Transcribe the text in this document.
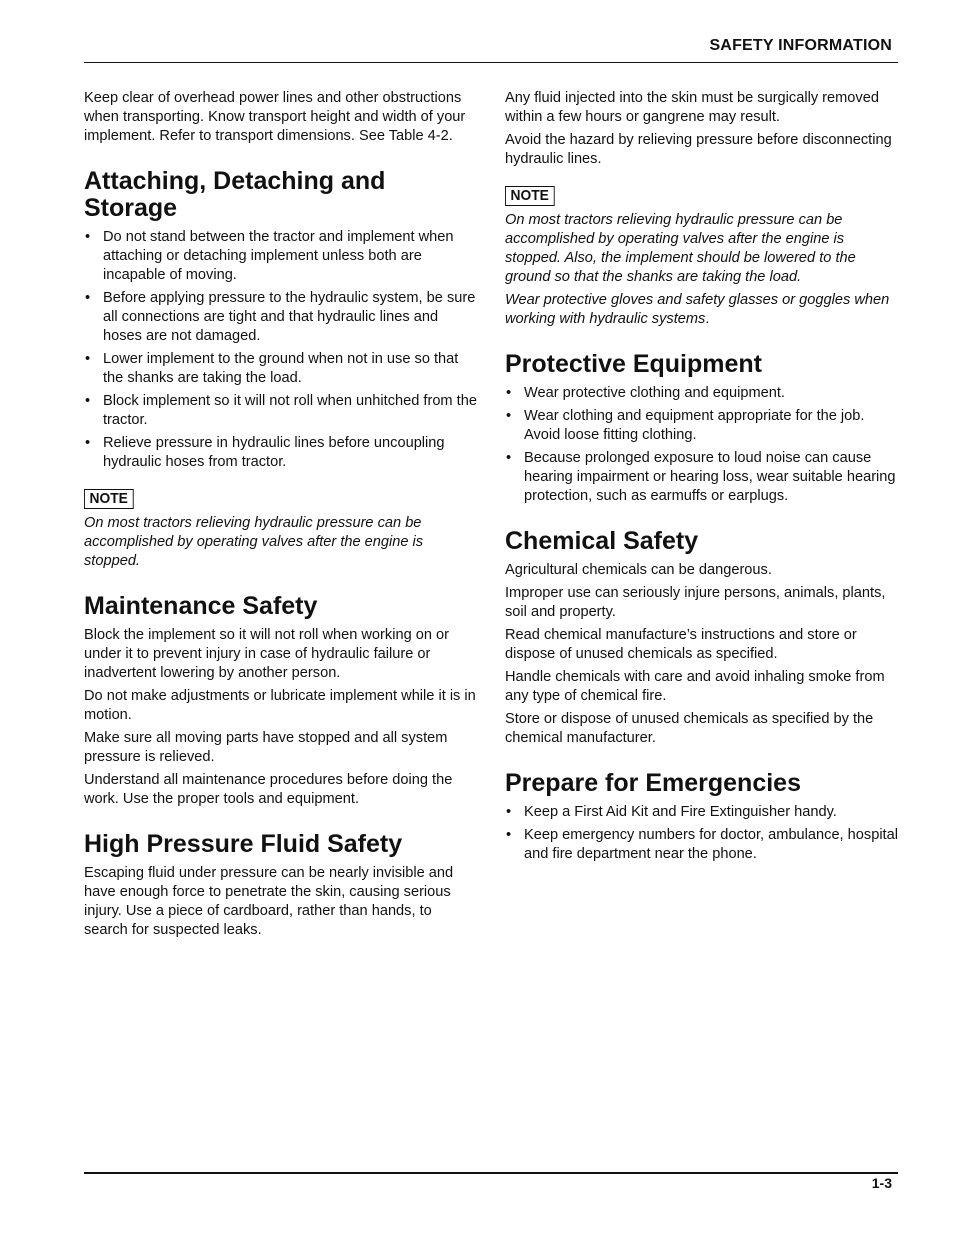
SAFETY INFORMATION

Keep clear of overhead power lines and other obstructions when transporting. Know transport height and width of your implement. Refer to transport dimensions. See Table 4-2.

Attaching, Detaching and Storage
• Do not stand between the tractor and implement when attaching or detaching implement unless both are incapable of moving.
• Before applying pressure to the hydraulic system, be sure all connections are tight and that hydraulic lines and hoses are not damaged.
• Lower implement to the ground when not in use so that the shanks are taking the load.
• Block implement so it will not roll when unhitched from the tractor.
• Relieve pressure in hydraulic lines before uncoupling hydraulic hoses from tractor.
NOTE

On most tractors relieving hydraulic pressure can be accomplished by operating valves after the engine is stopped.

Maintenance Safety

Block the implement so it will not roll when working on or under it to prevent injury in case of hydraulic failure or inadvertent lowering by another person.

Do not make adjustments or lubricate implement while it is in motion.

Make sure all moving parts have stopped and all system pressure is relieved.

Understand all maintenance procedures before doing the work. Use the proper tools and equipment.

High Pressure Fluid Safety

Escaping fluid under pressure can be nearly invisible and have enough force to penetrate the skin, causing serious injury. Use a piece of cardboard, rather than hands, to search for suspected leaks.

Any fluid injected into the skin must be surgically removed within a few hours or gangrene may result.

Avoid the hazard by relieving pressure before disconnecting hydraulic lines.

NOTE

On most tractors relieving hydraulic pressure can be accomplished by operating valves after the engine is stopped. Also, the implement should be lowered to the ground so that the shanks are taking the load.

Wear protective gloves and safety glasses or goggles when working with hydraulic systems.

Protective Equipment
• Wear protective clothing and equipment.
• Wear clothing and equipment appropriate for the job. Avoid loose fitting clothing.
• Because prolonged exposure to loud noise can cause hearing impairment or hearing loss, wear suitable hearing protection, such as earmuffs or earplugs.
Chemical Safety

Agricultural chemicals can be dangerous.

Improper use can seriously injure persons, animals, plants, soil and property.

Read chemical manufacture’s instructions and store or dispose of unused chemicals as specified.

Handle chemicals with care and avoid inhaling smoke from any type of chemical fire.

Store or dispose of unused chemicals as specified by the chemical manufacturer.

Prepare for Emergencies
• Keep a First Aid Kit and Fire Extinguisher handy.
• Keep emergency numbers for doctor, ambulance, hospital and fire department near the phone.
1-3
